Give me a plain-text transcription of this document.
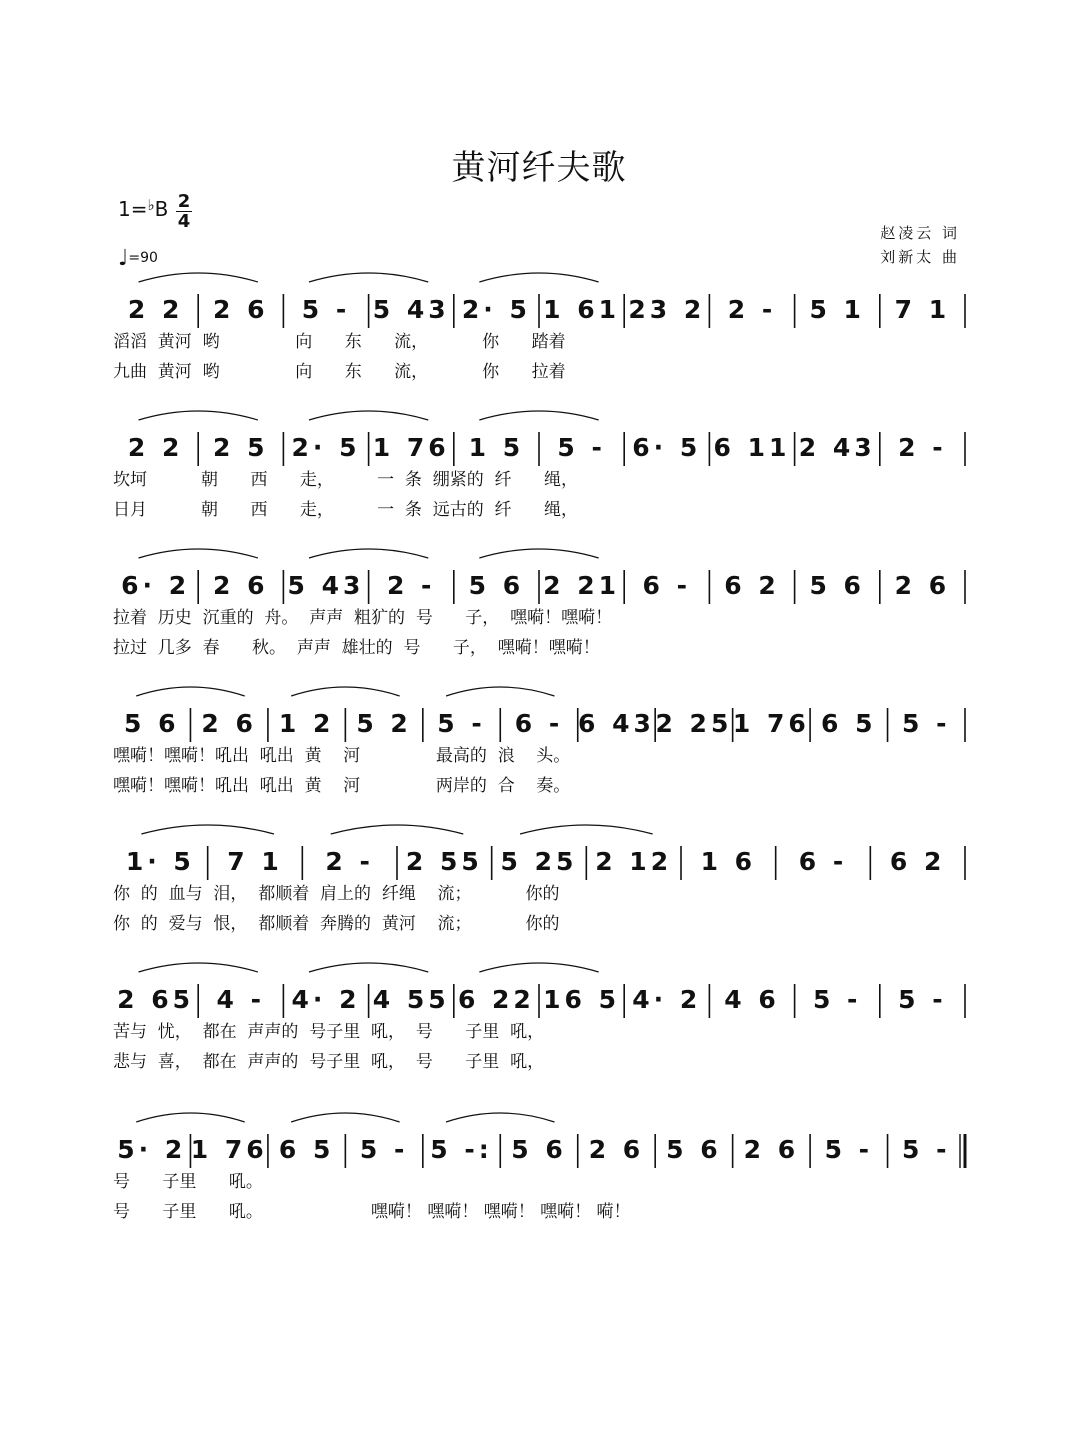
黄河纤夫歌
1=♭B 2
4
♩=90
赵凌云 词
刘新太 曲
2 2	2 6	5 - 5 43 2· 5 1 61 23 2 2 -	5 1	7 1
滔滔  黄河  哟              向      东      流，          你      踏着
九曲  黄河  哟              向      东      流，          你      拉着
2 2	2 5 2· 5 1 76 1 5	5 -	6· 5 6 11 2 43 2 -
坎坷          朝      西      走，        一  条  绷紧的  纤      绳，
日月          朝      西      走，        一  条  远古的  纤      绳，
6· 2 2 6 5 43 2 -	5 6 2 21 6 -	6 2	5 6	2 6
拉着  历史  沉重的  舟。  声声  粗犷的  号      子，  嘿嗬！嘿嗬！
拉过  几多  春      秋。  声声  雄壮的  号      子，  嘿嗬！嘿嗬！
5 6 2 6 1 2 5 2	5 -	6 - 6 43 2 25 1 76 6 5	5 -
嘿嗬！嘿嗬！吼出  吼出  黄    河              最高的  浪    头。
嘿嗬！嘿嗬！吼出  吼出  黄    河              两岸的  合    奏。
1· 5	7 1	2 -	2 55 5 25 2 12	1 6	6 -	6 2
你  的  血与  泪，  都顺着  肩上的  纤绳    流；          你的
你  的  爱与  恨，  都顺着  奔腾的  黄河    流；          你的
2 65 4 -	4· 2 4 55 6 22 16 5 4· 2 4 6	5 -	5 -
苦与  忧，  都在  声声的  号子里  吼，  号      子里  吼，
悲与  喜，  都在  声声的  号子里  吼，  号      子里  吼，
5· 2 1 76 6 5	5 - 5 -: 5 6 2 6 5 6 2 6	5 -	5 -
号      子里      吼。
号      子里      吼。                    嘿嗬！ 嘿嗬！ 嘿嗬！ 嘿嗬！ 嗬！
